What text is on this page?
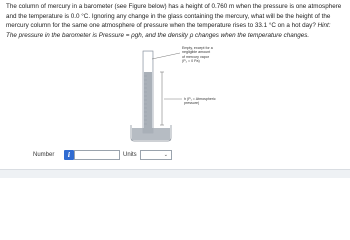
The column of mercury in a barometer (see Figure below) has a height of 0.760 m when the pressure is one atmosphere and the temperature is 0.0 °C. Ignoring any change in the glass containing the mercury, what will be the height of the mercury column for the same one atmosphere of pressure when the temperature rises to 33.1 °C on a hot day? Hint: The pressure in the barometer is Pressure = ρgh, and the density ρ changes when the temperature changes.

Empty, except for a
negligible amount
of mercury vapor
(P₂ = 0 Pa)
h (P₁ = Atmospheric
pressure)
Number	i	Units	⌄
